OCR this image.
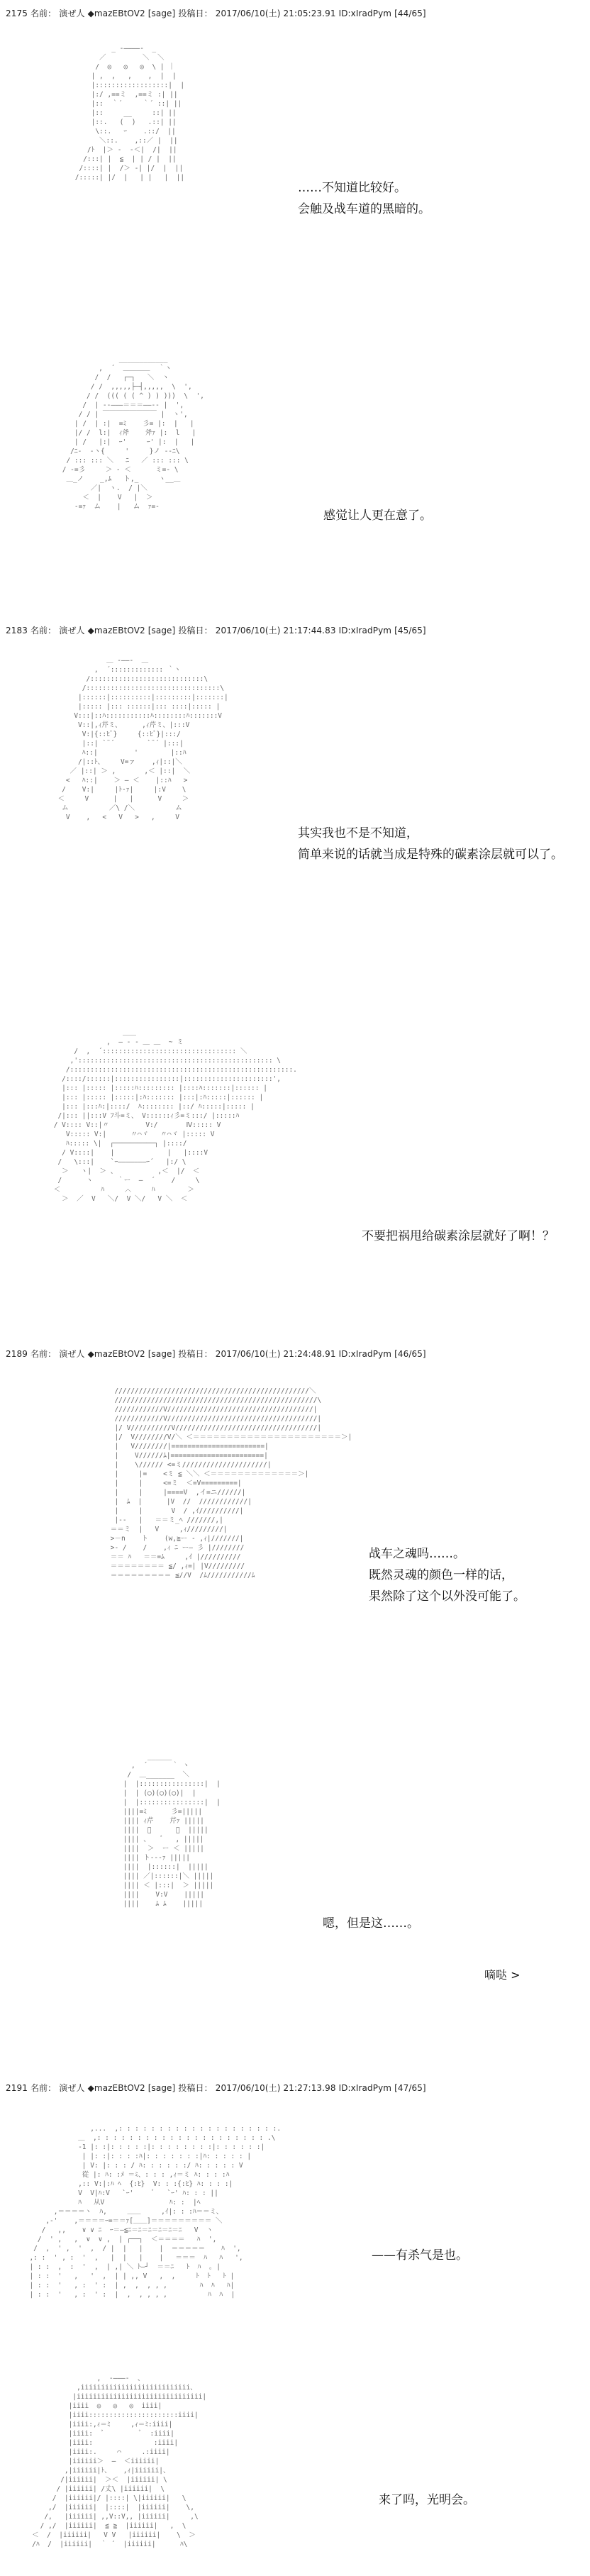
2175 名前： 演ぜ人 ◆mazEBtOV2 [sage] 投稿日： 2017/06/10(土) 21:05:23.91 ID:xIradPym [44/65]
_ -――――-  _
／         ＼  ＼
/  ◎   ◎   ◎  \ | ｜
| ,  ,   ,    ,  |  |
|::::::::::::::::::|  |
|:/ ,==ミ  ,==ミ :| ||
|::  ｀´     ｀´ ::| ||
|::     __     ::| ||
|::.   (  )   .::| ||
\::.   ｰ    .::/  ||
＼::.    ,::／ |  ||
/ﾄ  |＞ -  ‐＜|  /|  ||
/:::| |  ≦  | | / |  ||
/::::| |  /＞ -| |/  |  ||
/:::::| |/  |   | |   |  ||
……不知道比较好。
会触及战车道的黑暗的。
____________
,  ´  ＿＿＿＿  ｀ヽ
/  /   ┌─┐   ＼  ヽ
/ /  ,,,,,├─┤,,,,,  \  ',
/ /  ((( ( ( ^ ) ) )))  \  ',
/  | --―――＝＝＝――-- |  ',
/ / | ￣￣￣￣￣￣￣￣ |  ヽ',
| /  | :|  =ﾐ    彡= |:  |   |
|/ /  l:|  ｨ斧    斧ｧ |:  l   |
| /   |:|  ｰ'     ｰ' |:  |   |
/ﾆ-  -ヽ{     '     }ノ --ﾆ\
/ ::: ::: ＼   ﾆ   ／ ::: ::: \
/ -=彡     ＞ - ＜      ミ=- \
＿_ノ    _,ﾑ   ト,_     ヽ__＿
／|  ヽ.  / |＼
＜  |    V   |  ＞
-=ｧ  ム    |   ム  ｧ=-
感觉让人更在意了。
2183 名前： 演ぜ人 ◆mazEBtOV2 [sage] 投稿日： 2017/06/10(土) 21:17:44.83 ID:xIradPym [45/65]
＿ -――-  ＿
,  ´::::::::::::: ｀ヽ
/::::::::::::::::::::::::::::\
/:::::::::::::::::::::::::::::::::\
|::::::|::::::::::|:::::::::|:::::::|
|::::: |::: ::::::|::: ::::|::::: |
V:::|::ﾊ:::::::::::ﾊ::::::::ﾊ:::::::V
V::|,ｨ芹ミ、     ,ｨ芹ミ、|:::V
V:|{::ﾋﾞ}     {::ﾋﾞ}|:::/
|::| `¨´        `¨´ |:::|
ﾊ::|         '        |::ﾊ
/|::ﾄ、    V=ァ    ,ｨ|::|＼
／ |::| ＞ ,       ,＜ |::|  ＼
<   ﾊ::|    ＞ ― ＜    |::ﾊ   >
/    V:|     |ﾄ-ｧ|     |:V    \
＜     V      |   |      V     ＞
ム          ／\ /＼          ム
V    ,   <   V   >   ,     V
其实我也不是不知道，
简单来说的话就当成是特殊的碳素涂层就可以了。
＿＿
,  ― ‐ ‐ ＿ ＿  ~ ミ
/  ,  ´::::::::::::::::::::::::::::::::: ＼
,':::::::::::::::::::::::::::::::::::::::::::::::: \
/:::::::::::::::::::::::::::::::::::::::::::::::::::::::.
/::::/::::::|::::::::::::::::|::::::::::::::::::::::',
|::: |::::: |:::::ﾊ::::::::: |::::ﾊ:::::::|:::::: |
|::: |::::: |:::::|:ﾊ::::::: |:::|:ﾊ:::::|:::::: |
|::: |:::ﾊ:|::::/  ﾊ:::::::: |::/ ﾊ:::::|::::: |
/|::: ||:::V ﾌ斗=ミ、 V::::::ｨ彡=ミ:::/ |:::::ﾊ
/ V:::: V::|〃         V:/       Ⅳ::::: V
V::::: V:|      〃⌒ヾ   〃⌒ヾ |::::: V
ﾊ::::: \|  ┌──────────┐ |::::/
/ V::::|    |             |   |::::V
/   \:::|    `ｰ―――――――ｰ´   |:/ \
＞   ヽ|  ＞ 、          ,＜  |/  ＜
/      ヽ      ｀ー  ―  ´    /     \
＜          ﾊ     ︿     ﾊ        ＞
＞  ／  V   ＼/  V ＼/   V ＼  ＜
不要把祸甩给碳素涂层就好了啊！？
2189 名前： 演ぜ人 ◆mazEBtOV2 [sage] 投稿日： 2017/06/10(土) 21:24:48.91 ID:xIradPym [46/65]
////////////////////////////////////////////////＼
//////////////////////////////////////////////////\
////////////V////////////////////////////////////|
////////////V/////////////////////////////////////|
|/ V//////////V///////////////////////////////////|
|/  V////////V/＼ ＜＝＝＝＝＝＝＝＝＝＝＝＝＝＝＝＝＝＝＝＝＝＝＞|
|   V////////|=======================|
|    V//////ﾑ|=======================|
|    \////// <=ミ/////////////////////|
|     |=    <ミ ≦ ＼＼ ＜＝＝＝＝＝＝＝＝＝＝＝＝＝＞|
|     |     <=ミ  ＜=V=========|
|     |     |====V  ,イ=ニ//////|
|  ﾑ  |      |V  //  ////////////|
|     |       V  / ,ｲ//////////|
|--   |   ＝＝ミ_ﾍ ///////,|
＝＝ミ  |   V     ,ｨ/////////|
>－n    ト    (w,≧ー ‐ ,ｨ|///////|
>- /    /    ,ｨ ﾆ ー― 彡 |////////
＝＝ ﾊ   ＝＝=ﾑ     ,ｲ |//////////
＝＝＝＝＝＝＝＝ ≦/ ,ｨ=| |V/////////
＝＝＝＝＝＝＝＝＝ ≦//V  /ﾑ///////////ﾑ
战车之魂吗……。
既然灵魂的颜色一样的话，
果然除了这个以外没可能了。
______
,  ´      ｀ ヽ
/  ＿_______  ＼
|  |::::::::::::::::|  |
|  | (◯)(◯)(◯)|  |
|  |::::::::::::::::|  |
||||=ﾐ      彡=|||||
|||| ｨ芹    芹ｧ |||||
||||  ﾞ      ﾞ  |||||
|||| 、   ﾞ   , |||||
||||  ＞  ー ＜ |||||
|||| ト-‐‐ｧ |||||
||||  |::::::|  |||||
|||| ／|::::::|＼ |||||
|||| ＜ |:::|  ＞ |||||
||||    V:V    |||||
||||    ﾑ ﾑ    |||||
嗯，但是这……。
嘀哒 >
2191 名前： 演ぜ人 ◆mazEBtOV2 [sage] 投稿日： 2017/06/10(土) 21:27:13.98 ID:xIradPym [47/65]
,...  ,: : : : : : : : : : : : : : : : : : : :.
＿  ,: : : : : : : : : : : : : : : : : : : : : .\
-1 |: :|: : : : :|: : : : : : : :|: : : : : :|
| |: :|: : : :ﾊ|: : : : : : :|ﾊ: : : : : |
| V: |: : : / ﾊ: : : : : :/ ﾊ: : : : : V
從 |: ﾊ: :ﾒ ＝ﾐ、: : : ,ｨ＝ミ ﾊ: : : :ﾊ
,:: V:|:ﾊ ﾍ  {:ﾋ}  V: : :{:ﾋ} ﾊ: : : :|
V  V|ﾊ:V   `ｰ'     ﾞ   `ｰ' ﾊ: : : ||
ﾊ   从V                ﾊ: :  |ﾍ
,＝＝＝＝ヽ  ﾊ,     ＿＿     ,ｲ|: : :ﾊ＝＝ミ、
,-'    ,＝＝＝＝ｰ=＝＝ｧ[＿＿]＝＝＝＝＝＝＝＝＝ ＼
/   ,,    ∨ ∨ ﾆ  ｰ＝―≦ﾆ＝ﾆ＝ﾆ＝ﾆ＝ﾆ＝ﾆ   V  ヽ
/  ' ,   ,  ∨  ∨ ,  | ┌──┐  ＜＝＝＝＝   ﾊ  ',
/  ,  ' ,  '  ,  / |  |   |    |  ＝＝＝＝＝    ﾊ  ',
,: :  ' , :  '  ,   |  |   |    |   ＝＝＝  ﾊ   ﾊ   ',
| : :  ,  :  '  ,  | ,| ＼ ﾄ―┘  ＝＝ﾆ   ﾄ  ﾊ  ｡ |
| : :  '   ,   '  ,  | | ,, V   ,  ,     ﾄ  ﾄ   ﾄ |
| : :  '   , :  ' :  | ,  ,  , , ,        ﾊ  ﾊ   ﾊ|
| : :  '   , :  ' :  |  ,  , , , ,          ﾊ  ﾊ  |
——有杀气是也。
,  -―――-  、
,iiiiiiiiiiiiiiiiiiiiiiiiiii、
|iiiiiiiiiiiiiiiiiiiiiiiiiiiiiii|
|iiii  ◎   ◎   ◎  iiii|
|iiii::::::::::::::::::::::iiii|
|iiii:,ｨ＝ﾐ     ,ｨ＝ﾐ:iiii|
|iiii:  ﾞ         ﾞ  :iiii|
|iiii:               :iiii|
|iiii:.     ⌒     .:iiii|
|iiiiii＞  ―  ＜iiiiii|
,|iiiiii|ﾄ、   ,ｨ|iiiiii|、
/|iiiiii|  ＞＜  |iiiiii| \
/ |iiiiii| /丈\ |iiiiii|  \
/  |iiiiii|/ |::::| \|iiiiii|   \
,/  |iiiiii|  |::::|  |iiiiii|    \,
/,   |iiiiii| ,,V::V,, |iiiiii|     ,\
/ ,/  |iiiiii|  ≦ ≧  |iiiiii|   ,  \
＜  /  |iiiiii|   V V   |iiiiii|    \  ＞
/ﾊ  /  |iiiiii|  ｀ ´  |iiiiii|      ﾊ\
来了吗，光明会。
